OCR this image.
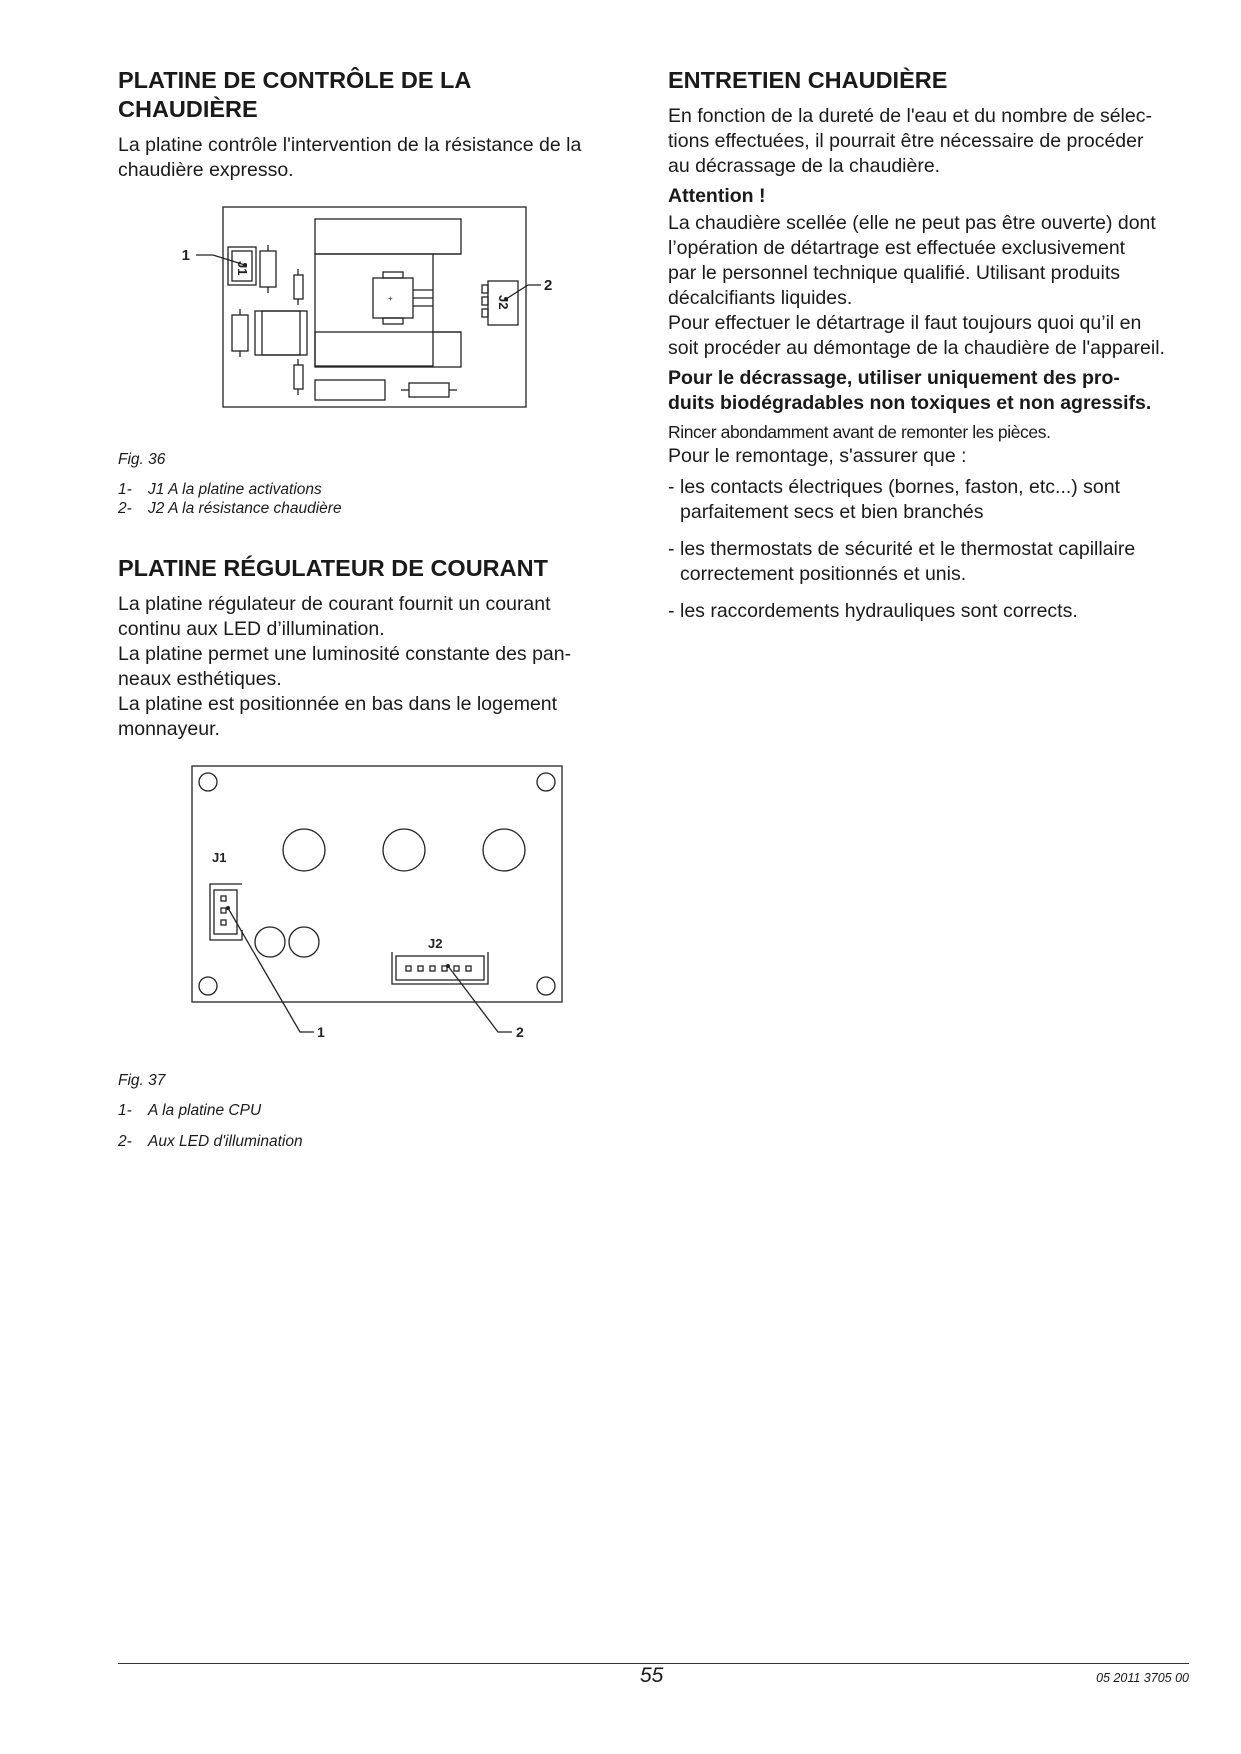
PLATINE DE CONTRÔLE DE LA
CHAUDIÈRE

La platine contrôle l'intervention de la résistance de la
chaudière expresso.

+
J1
J2
1
2
Fig. 36
1-	J1 A la platine activations
2-	J2 A la résistance chaudière
PLATINE RÉGULATEUR DE COURANT

La platine régulateur de courant fournit un courant
continu aux LED d’illumination.
La platine permet une luminosité constante des pan-
neaux esthétiques.
La platine est positionnée en bas dans le logement
monnayeur.

J1
J2
1	2
Fig. 37
1-	A la platine CPU
2-	Aux LED d'illumination
ENTRETIEN CHAUDIÈRE

En fonction de la dureté de l'eau et du nombre de sélec-
tions effectuées, il pourrait être nécessaire de procéder
au décrassage de la chaudière.

Attention !

La chaudière scellée (elle ne peut pas être ouverte) dont
l’opération de détartrage est effectuée exclusivement
par le personnel technique qualifié. Utilisant produits
décalcifiants liquides.
Pour effectuer le détartrage il faut toujours quoi qu’il en
soit procéder au démontage de la chaudière de l'appareil.

Pour le décrassage, utiliser uniquement des pro-
duits biodégradables non toxiques et non agressifs.

Rincer abondamment avant de remonter les pièces.

Pour le remontage, s'assurer que :

- les contacts électriques (bornes, faston, etc...) sont
parfaitement secs et bien branchés
- les thermostats de sécurité et le thermostat capillaire
correctement positionnés et unis.
- les raccordements hydrauliques sont corrects.
55	05 2011 3705 00
